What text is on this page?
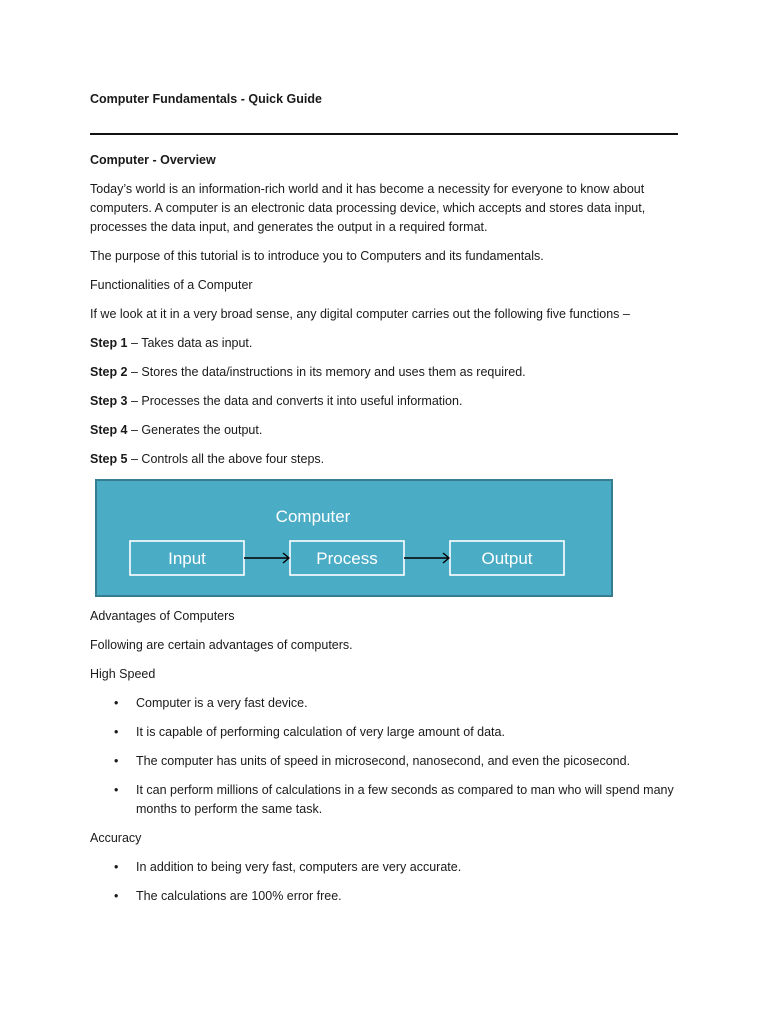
Computer Fundamentals - Quick Guide

Computer - Overview

Today’s world is an information-rich world and it has become a necessity for everyone to know about computers. A computer is an electronic data processing device, which accepts and stores data input, processes the data input, and generates the output in a required format.

The purpose of this tutorial is to introduce you to Computers and its fundamentals.

Functionalities of a Computer

If we look at it in a very broad sense, any digital computer carries out the following five functions –

Step 1 – Takes data as input.

Step 2 – Stores the data/instructions in its memory and uses them as required.

Step 3 – Processes the data and converts it into useful information.

Step 4 – Generates the output.

Step 5 – Controls all the above four steps.

Computer
Input	Process	Output

Advantages of Computers

Following are certain advantages of computers.

High Speed

• Computer is a very fast device.
• It is capable of performing calculation of very large amount of data.
• The computer has units of speed in microsecond, nanosecond, and even the picosecond.
• It can perform millions of calculations in a few seconds as compared to man who will spend many months to perform the same task.

Accuracy

• In addition to being very fast, computers are very accurate.
• The calculations are 100% error free.
